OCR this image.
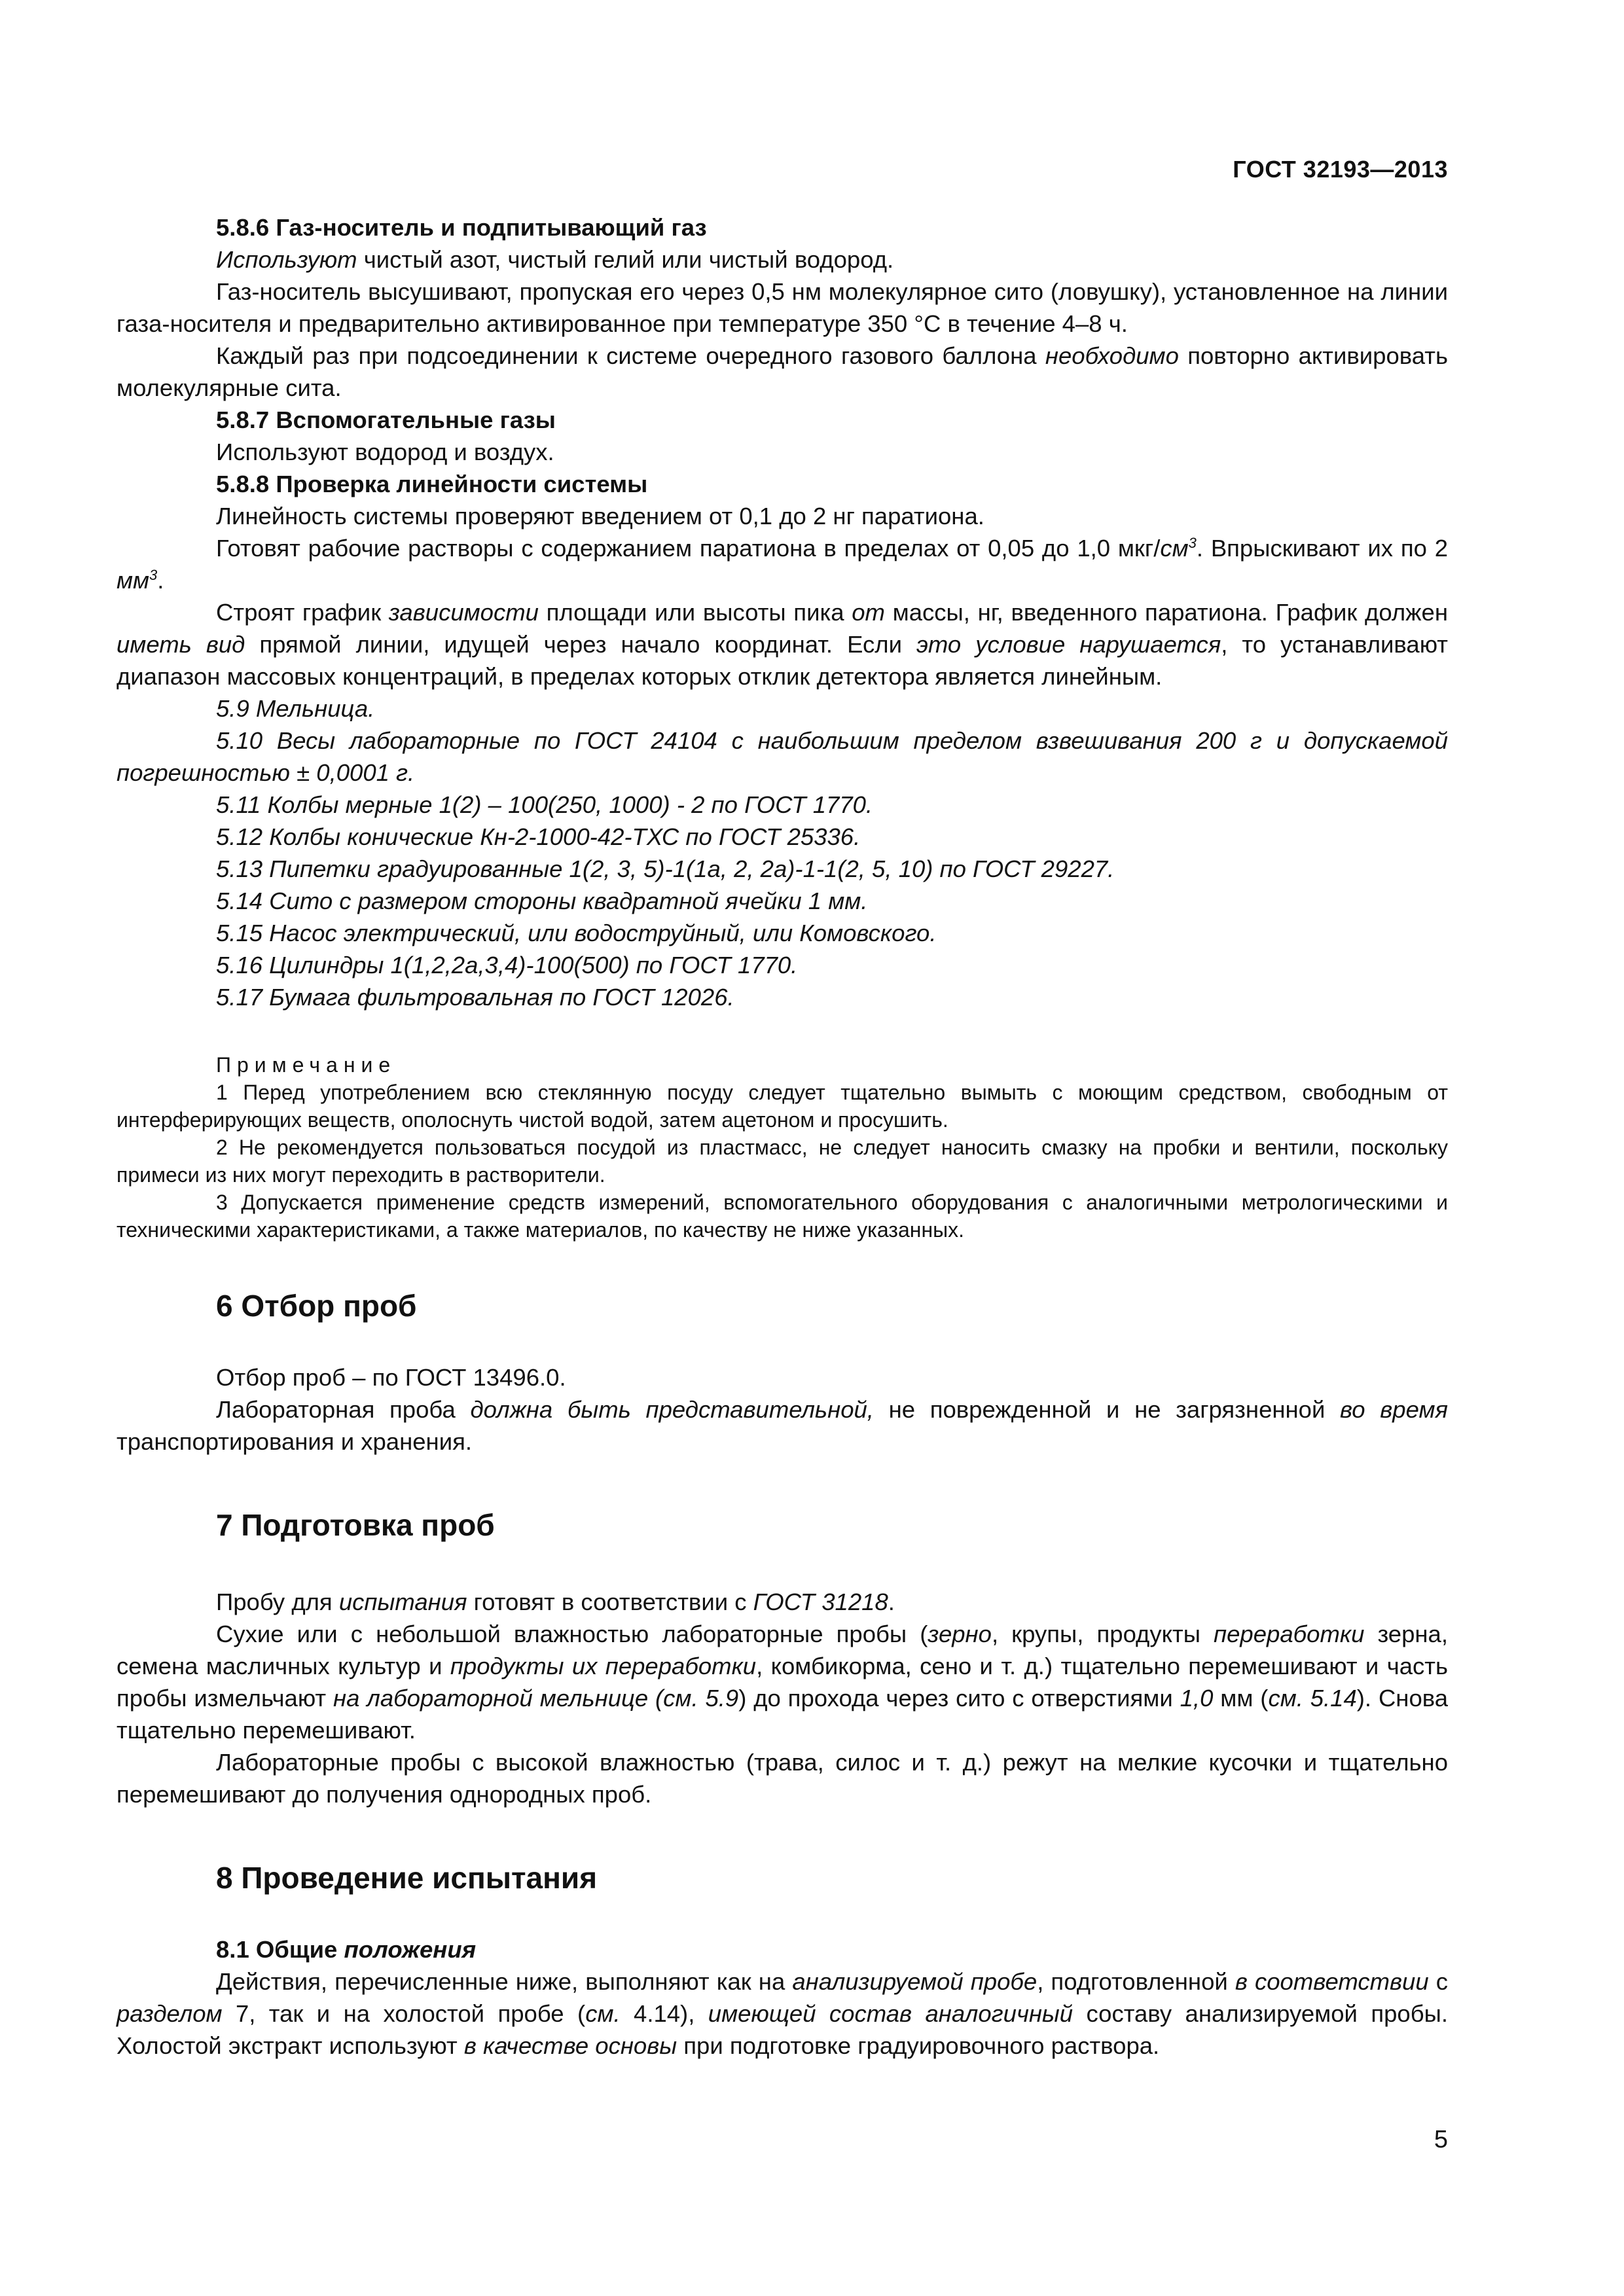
ГОСТ 32193—2013

5.8.6 Газ-носитель и подпитывающий газ

Используют чистый азот, чистый гелий или чистый водород.

Газ-носитель высушивают, пропуская его через 0,5 нм молекулярное сито (ловушку), установленное на линии газа-носителя и предварительно активированное при температуре 350 °С в течение 4–8 ч.

Каждый раз при подсоединении к системе очередного газового баллона необходимо повторно активировать молекулярные сита.

5.8.7 Вспомогательные газы

Используют водород и воздух.

5.8.8 Проверка линейности системы

Линейность системы проверяют введением от 0,1 до 2 нг паратиона.

Готовят рабочие растворы с содержанием паратиона в пределах от 0,05 до 1,0 мкг/$см^3$. Впрыскивают их по 2 $мм^3$.

Строят график зависимости площади или высоты пика от массы, нг, введенного паратиона. График должен иметь вид прямой линии, идущей через начало координат. Если это условие нарушается, то устанавливают диапазон массовых концентраций, в пределах которых отклик детектора является линейным.

5.9 Мельница.

5.10 Весы лабораторные по ГОСТ 24104 с наибольшим пределом взвешивания 200 г и допускаемой погрешностью ± 0,0001 г.

5.11 Колбы мерные 1(2) – 100(250, 1000) - 2 по ГОСТ 1770.

5.12 Колбы конические Кн-2-1000-42-ТХС по ГОСТ 25336.

5.13 Пипетки градуированные 1(2, 3, 5)-1(1а, 2, 2а)-1-1(2, 5, 10) по ГОСТ 29227.

5.14 Сито с размером стороны квадратной ячейки 1 мм.

5.15 Насос электрический, или водоструйный, или Комовского.

5.16 Цилиндры 1(1,2,2а,3,4)-100(500) по ГОСТ 1770.

5.17 Бумага фильтровальная по ГОСТ 12026.

Примечание

1 Перед употреблением всю стеклянную посуду следует тщательно вымыть с моющим средством, свободным от интерферирующих веществ, ополоснуть чистой водой, затем ацетоном и просушить.

2 Не рекомендуется пользоваться посудой из пластмасс, не следует наносить смазку на пробки и вентили, поскольку примеси из них могут переходить в растворители.

3 Допускается применение средств измерений, вспомогательного оборудования с аналогичными метрологическими и техническими характеристиками, а также материалов, по качеству не ниже указанных.

6 Отбор проб

Отбор проб – по ГОСТ 13496.0.

Лабораторная проба должна быть представительной, не поврежденной и не загрязненной во время транспортирования и хранения.

7 Подготовка проб

Пробу для испытания готовят в соответствии с ГОСТ 31218.

Сухие или с небольшой влажностью лабораторные пробы (зерно, крупы, продукты переработки зерна, семена масличных культур и продукты их переработки, комбикорма, сено и т. д.) тщательно перемешивают и часть пробы измельчают на лабораторной мельнице (см. 5.9) до прохода через сито с отверстиями 1,0 мм (см. 5.14). Снова тщательно перемешивают.

Лабораторные пробы с высокой влажностью (трава, силос и т. д.) режут на мелкие кусочки и тщательно перемешивают до получения однородных проб.

8 Проведение испытания

8.1 Общие положения

Действия, перечисленные ниже, выполняют как на анализируемой пробе, подготовленной в соответствии с разделом 7, так и на холостой пробе (см. 4.14), имеющей состав аналогичный составу анализируемой пробы. Холостой экстракт используют в качестве основы при подготовке градуировочного раствора.

5
